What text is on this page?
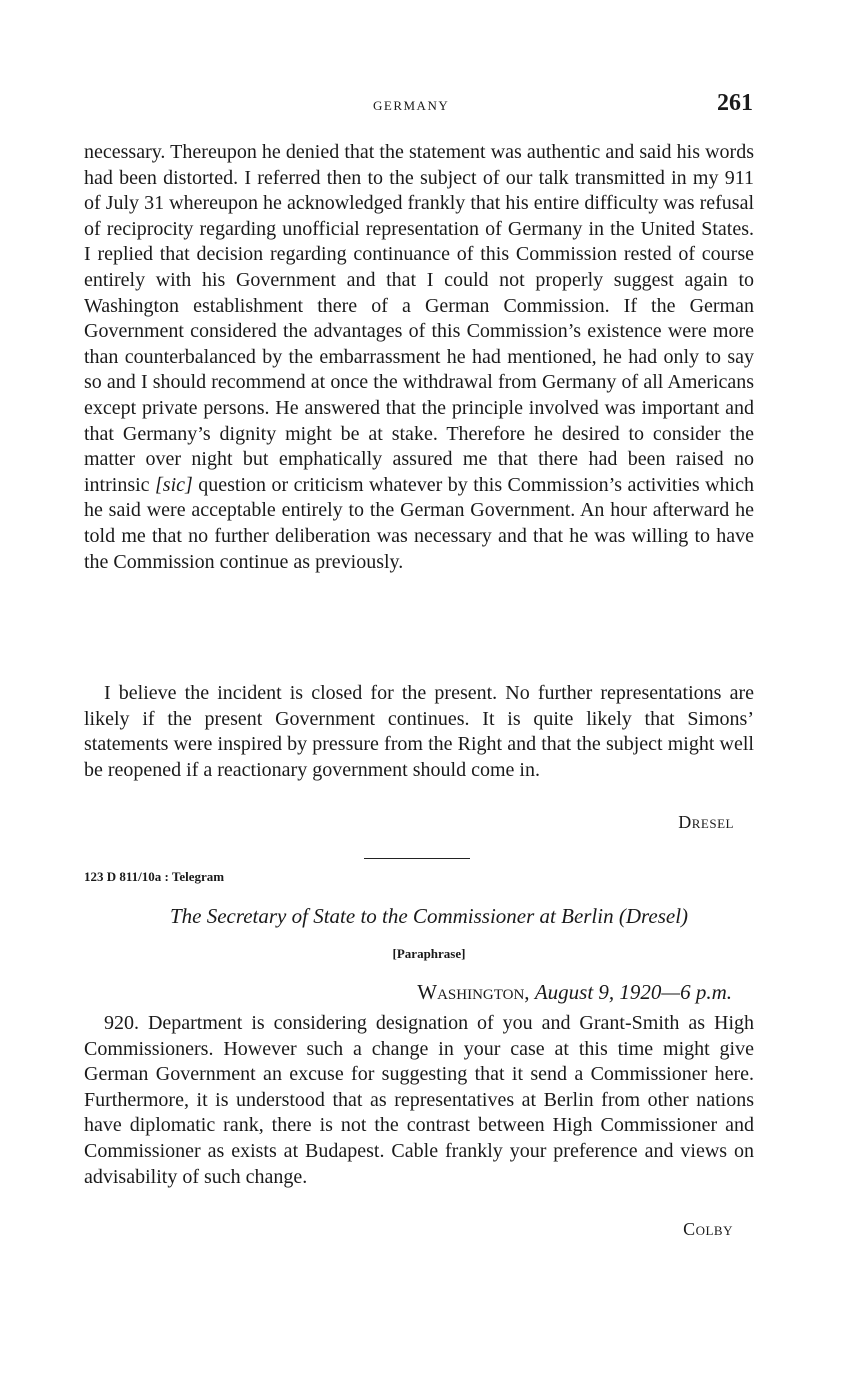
GERMANY	261

necessary. Thereupon he denied that the statement was authentic and said his words had been distorted. I referred then to the subject of our talk transmitted in my 911 of July 31 whereupon he acknowledged frankly that his entire difficulty was refusal of reciprocity regarding unofficial representation of Germany in the United States. I replied that decision regarding continuance of this Commission rested of course entirely with his Government and that I could not properly suggest again to Washington establishment there of a German Commission. If the German Government considered the advantages of this Commission’s existence were more than counterbalanced by the embarrassment he had mentioned, he had only to say so and I should recommend at once the withdrawal from Germany of all Americans except private persons. He answered that the principle involved was important and that Germany’s dignity might be at stake. Therefore he desired to consider the matter over night but emphatically assured me that there had been raised no intrinsic [sic] question or criticism whatever by this Commission’s activities which he said were acceptable entirely to the German Government. An hour afterward he told me that no further deliberation was necessary and that he was willing to have the Commission continue as previously.

I believe the incident is closed for the present. No further representations are likely if the present Government continues. It is quite likely that Simons’ statements were inspired by pressure from the Right and that the subject might well be reopened if a reactionary government should come in.

Dresel
123 D 811/10a : Telegram
The Secretary of State to the Commissioner at Berlin (Dresel)
[Paraphrase]
Washington, August 9, 1920—6 p.m.

920. Department is considering designation of you and Grant-Smith as High Commissioners. However such a change in your case at this time might give German Government an excuse for suggesting that it send a Commissioner here. Furthermore, it is understood that as representatives at Berlin from other nations have diplomatic rank, there is not the contrast between High Commissioner and Commissioner as exists at Budapest. Cable frankly your preference and views on advisability of such change.

Colby
